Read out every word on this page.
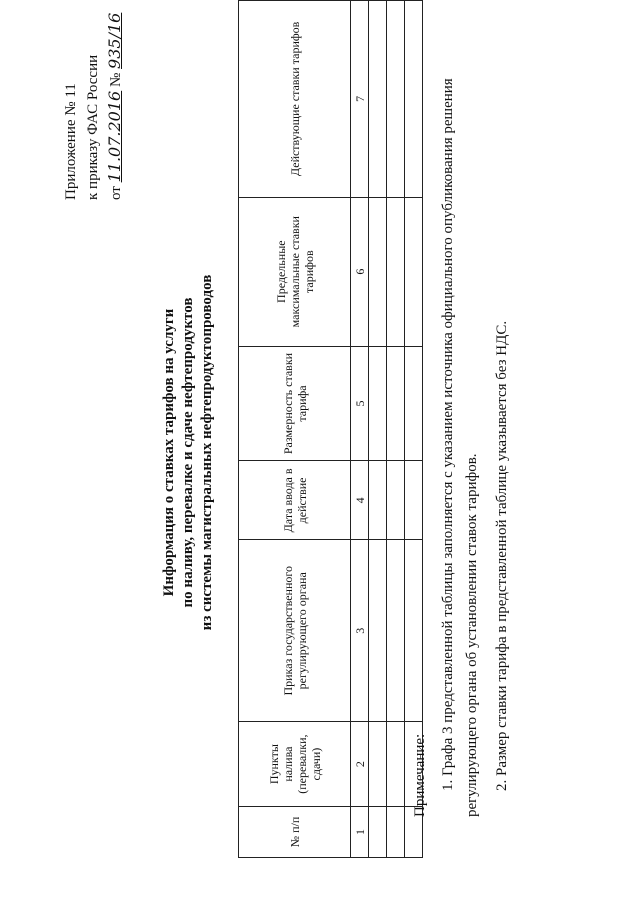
Приложение № 11 к приказу ФАС России от 11.07.2016 № 935/16
Информация о ставках тарифов на услуги по наливу, перевалке и сдаче нефтепродуктов из системы магистральных нефтепродуктопроводов
№ п/п	Пункты налива (перевалки, сдачи)	Приказ государственного регулирующего органа	Дата ввода в действие	Размерность ставки тарифа	Предельные максимальные ставки тарифов	Действующие ставки тарифов
1	2	3	4	5	6	7

Примечание: 1. Графа 3 представленной таблицы заполняется с указанием источника официального опубликования решения регулирующего органа об установлении ставок тарифов. 2. Размер ставки тарифа в представленной таблице указывается без НДС.
